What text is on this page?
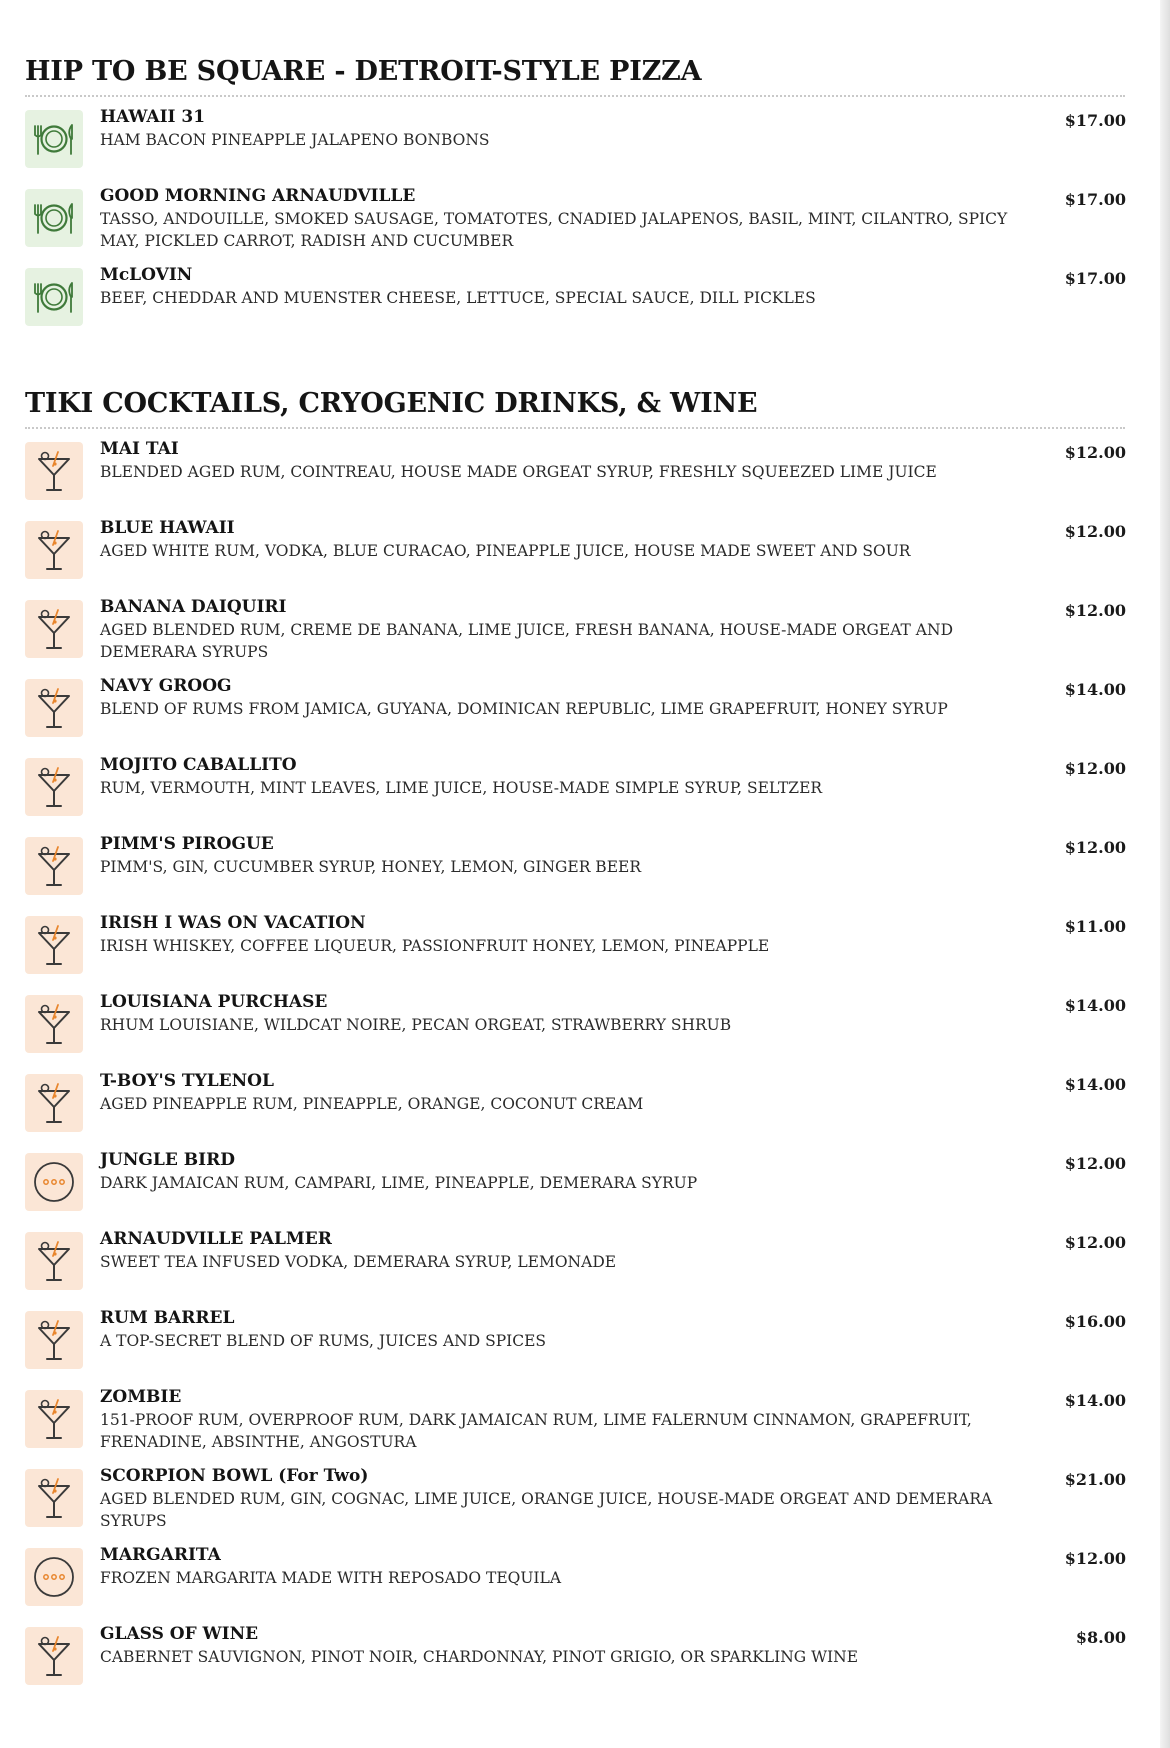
HIP TO BE SQUARE - DETROIT-STYLE PIZZA
HAWAII 31
HAM BACON PINEAPPLE JALAPENO BONBONS
$17.00
GOOD MORNING ARNAUDVILLE
TASSO, ANDOUILLE, SMOKED SAUSAGE, TOMATOTES, CNADIED JALAPENOS, BASIL, MINT, CILANTRO, SPICY MAY, PICKLED CARROT, RADISH AND CUCUMBER
$17.00
McLOVIN
BEEF, CHEDDAR AND MUENSTER CHEESE, LETTUCE, SPECIAL SAUCE, DILL PICKLES
$17.00
TIKI COCKTAILS, CRYOGENIC DRINKS, & WINE
MAI TAI
BLENDED AGED RUM, COINTREAU, HOUSE MADE ORGEAT SYRUP, FRESHLY SQUEEZED LIME JUICE
$12.00
BLUE HAWAII
AGED WHITE RUM, VODKA, BLUE CURACAO, PINEAPPLE JUICE, HOUSE MADE SWEET AND SOUR
$12.00
BANANA DAIQUIRI
AGED BLENDED RUM, CREME DE BANANA, LIME JUICE, FRESH BANANA, HOUSE-MADE ORGEAT AND DEMERARA SYRUPS
$12.00
NAVY GROOG
BLEND OF RUMS FROM JAMICA, GUYANA, DOMINICAN REPUBLIC, LIME GRAPEFRUIT, HONEY SYRUP
$14.00
MOJITO CABALLITO
RUM, VERMOUTH, MINT LEAVES, LIME JUICE, HOUSE-MADE SIMPLE SYRUP, SELTZER
$12.00
PIMM'S PIROGUE
PIMM'S, GIN, CUCUMBER SYRUP, HONEY, LEMON, GINGER BEER
$12.00
IRISH I WAS ON VACATION
IRISH WHISKEY, COFFEE LIQUEUR, PASSIONFRUIT HONEY, LEMON, PINEAPPLE
$11.00
LOUISIANA PURCHASE
RHUM LOUISIANE, WILDCAT NOIRE, PECAN ORGEAT, STRAWBERRY SHRUB
$14.00
T-BOY'S TYLENOL
AGED PINEAPPLE RUM, PINEAPPLE, ORANGE, COCONUT CREAM
$14.00
JUNGLE BIRD
DARK JAMAICAN RUM, CAMPARI, LIME, PINEAPPLE, DEMERARA SYRUP
$12.00
ARNAUDVILLE PALMER
SWEET TEA INFUSED VODKA, DEMERARA SYRUP, LEMONADE
$12.00
RUM BARREL
A TOP-SECRET BLEND OF RUMS, JUICES AND SPICES
$16.00
ZOMBIE
151-PROOF RUM, OVERPROOF RUM, DARK JAMAICAN RUM, LIME FALERNUM CINNAMON, GRAPEFRUIT, FRENADINE, ABSINTHE, ANGOSTURA
$14.00
SCORPION BOWL (For Two)
AGED BLENDED RUM, GIN, COGNAC, LIME JUICE, ORANGE JUICE, HOUSE-MADE ORGEAT AND DEMERARA SYRUPS
$21.00
MARGARITA
FROZEN MARGARITA MADE WITH REPOSADO TEQUILA
$12.00
GLASS OF WINE
CABERNET SAUVIGNON, PINOT NOIR, CHARDONNAY, PINOT GRIGIO, OR SPARKLING WINE
$8.00
